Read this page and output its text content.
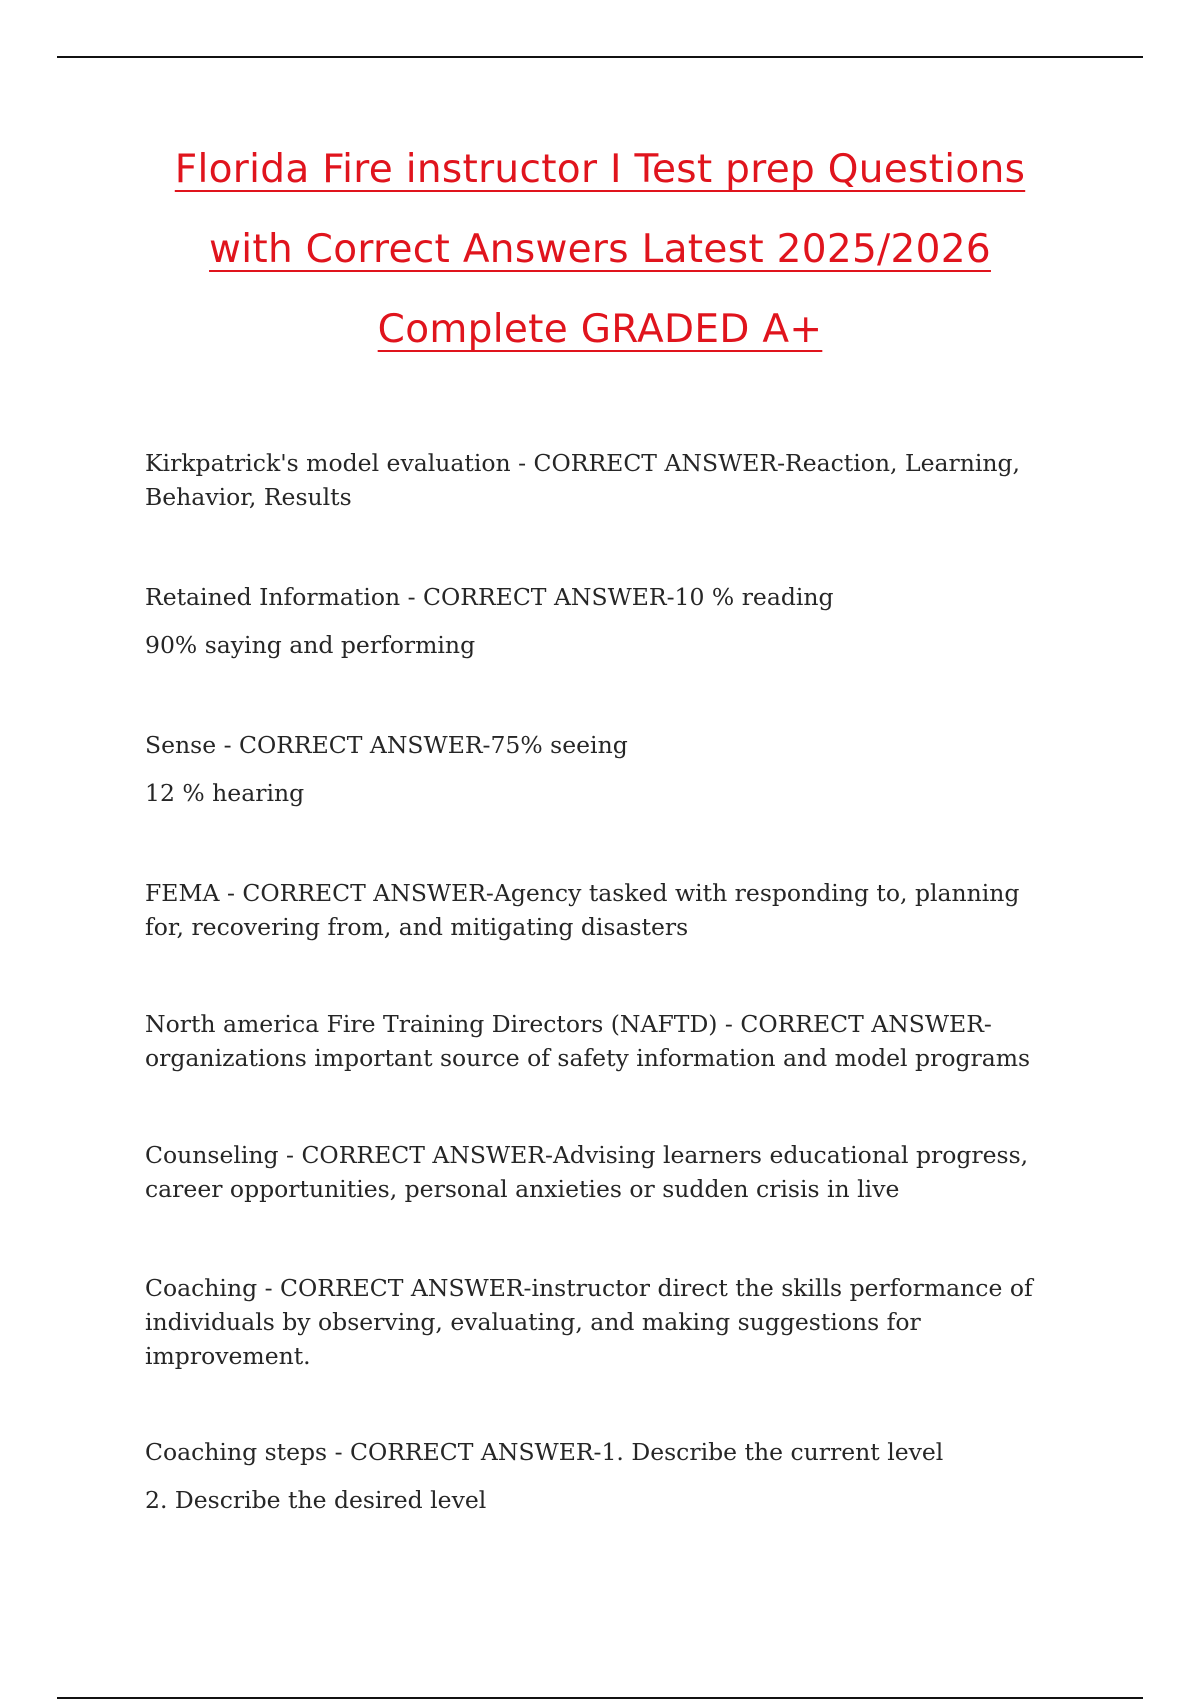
Florida Fire instructor I Test prep Questions
with Correct Answers Latest 2025/2026
Complete GRADED A+

Kirkpatrick's model evaluation - CORRECT ANSWER-Reaction, Learning, Behavior, Results

Retained Information - CORRECT ANSWER-10 % reading

90% saying and performing

Sense - CORRECT ANSWER-75% seeing

12 % hearing

FEMA - CORRECT ANSWER-Agency tasked with responding to, planning for, recovering from, and mitigating disasters

North america Fire Training Directors (NAFTD) - CORRECT ANSWER-organizations important source of safety information and model programs

Counseling - CORRECT ANSWER-Advising learners educational progress, career opportunities, personal anxieties or sudden crisis in live

Coaching - CORRECT ANSWER-instructor direct the skills performance of individuals by observing, evaluating, and making suggestions for improvement.

Coaching steps - CORRECT ANSWER-1. Describe the current level

2. Describe the desired level
